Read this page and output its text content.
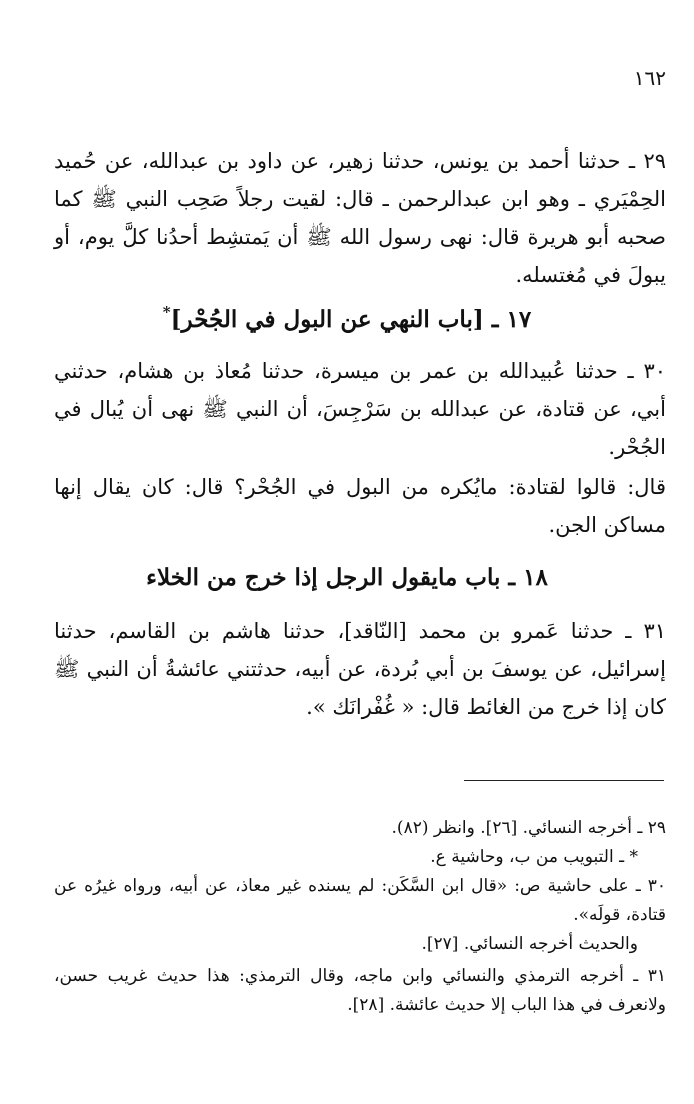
١٦٢

٢٩ ـ حدثنا أحمد بن يونس، حدثنا زهير، عن داود بن عبدالله، عن حُميد الحِمْيَري ـ وهو ابن عبدالرحمن ـ قال: لقيت رجلاً صَحِب النبي ﷺ كما صحبه أبو هريرة قال: نهى رسول الله ﷺ أن يَمتشِط أحدُنا كلَّ يوم، أو يبولَ في مُغتسله.

١٧ ـ [باب النهي عن البول في الجُحْر]*

٣٠ ـ حدثنا عُبيدالله بن عمر بن ميسرة، حدثنا مُعاذ بن هشام، حدثني أبي، عن قتادة، عن عبدالله بن سَرْجِسَ، أن النبي ﷺ نهى أن يُبال في الجُحْر.

قال: قالوا لقتادة: مايُكره من البول في الجُحْر؟ قال: كان يقال إنها مساكن الجن.

١٨ ـ باب مايقول الرجل إذا خرج من الخلاء

٣١ ـ حدثنا عَمرو بن محمد [النّاقد]، حدثنا هاشم بن القاسم، حدثنا إسرائيل، عن يوسفَ بن أبي بُردة، عن أبيه، حدثتني عائشةُ أن النبي ﷺ كان إذا خرج من الغائط قال: « غُفْرانَك ».

٢٩ ـ أخرجه النسائي. [٢٦]. وانظر (٨٢).

* ـ التبويب من ب، وحاشية ع.

٣٠ ـ على حاشية ص: «قال ابن السَّكَن: لم يسنده غير معاذ، عن أبيه، ورواه غيرُه عن قتادة، قولَه».

والحديث أخرجه النسائي. [٢٧].

٣١ ـ أخرجه الترمذي والنسائي وابن ماجه، وقال الترمذي: هذا حديث غريب حسن، ولانعرف في هذا الباب إلا حديث عائشة. [٢٨].
